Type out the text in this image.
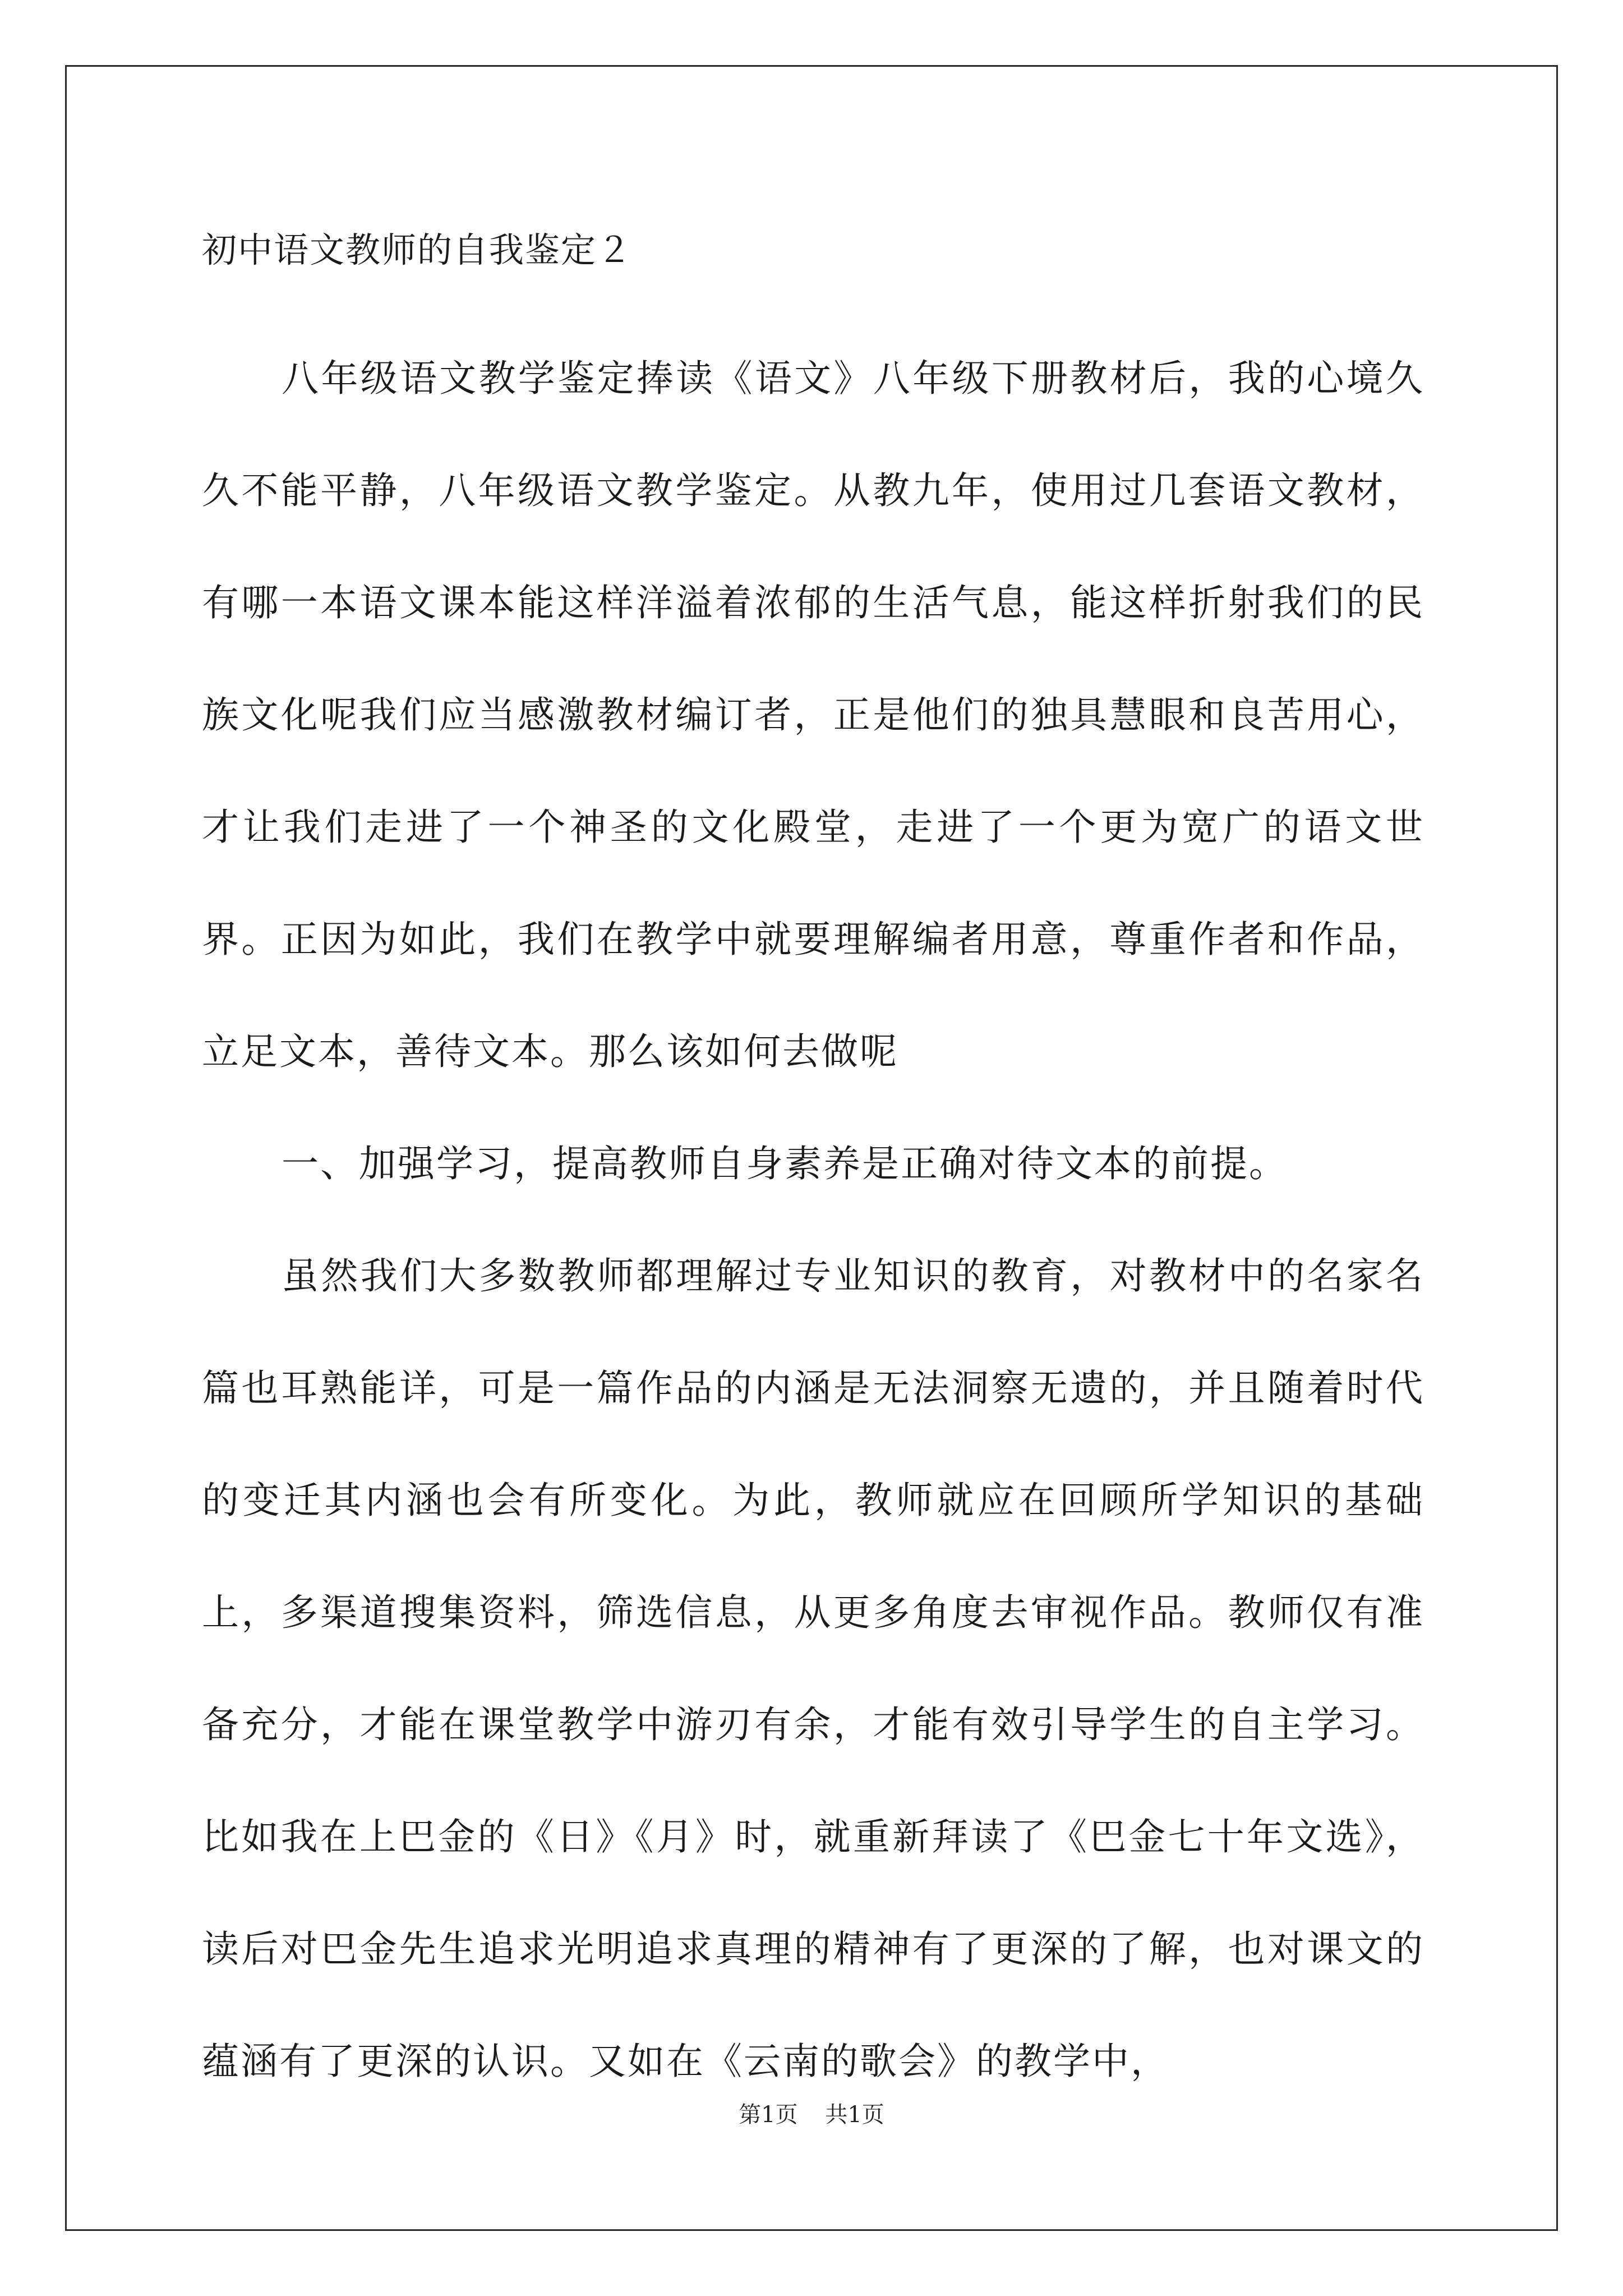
初中语文教师的自我鉴定２

八年级语文教学鉴定捧读《语文》八年级下册教材后，我的心境久久不能平静，八年级语文教学鉴定。从教九年，使用过几套语文教材，有哪一本语文课本能这样洋溢着浓郁的生活气息，能这样折射我们的民族文化呢我们应当感激教材编订者，正是他们的独具慧眼和良苦用心，才让我们走进了一个神圣的文化殿堂，走进了一个更为宽广的语文世界。正因为如此，我们在教学中就要理解编者用意，尊重作者和作品，立足文本，善待文本。那么该如何去做呢

一、加强学习，提高教师自身素养是正确对待文本的前提。

虽然我们大多数教师都理解过专业知识的教育，对教材中的名家名篇也耳熟能详，可是一篇作品的内涵是无法洞察无遗的，并且随着时代的变迁其内涵也会有所变化。为此，教师就应在回顾所学知识的基础上，多渠道搜集资料，筛选信息，从更多角度去审视作品。教师仅有准备充分，才能在课堂教学中游刃有余，才能有效引导学生的自主学习。比如我在上巴金的《日》《月》时，就重新拜读了《巴金七十年文选》，读后对巴金先生追求光明追求真理的精神有了更深的了解，也对课文的蕴涵有了更深的认识。又如在《云南的歌会》的教学中，

第1页 共1页
